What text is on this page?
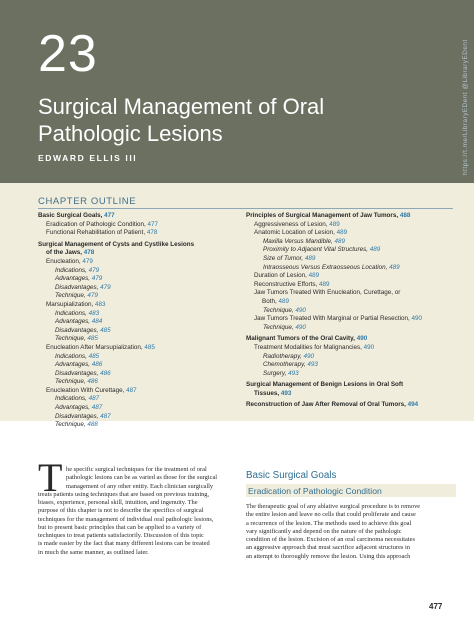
23
Surgical Management of Oral
Pathologic Lesions
EDWARD ELLIS III
CHAPTER OUTLINE
Basic Surgical Goals, 477
Eradication of Pathologic Condition, 477
Functional Rehabilitation of Patient, 478
Surgical Management of Cysts and Cystlike Lesions
of the Jaws, 478
Enucleation, 479
Indications, 479
Advantages, 479
Disadvantages, 479
Technique, 479
Marsupialization, 483
Indications, 483
Advantages, 484
Disadvantages, 485
Technique, 485
Enucleation After Marsupialization, 485
Indications, 485
Advantages, 486
Disadvantages, 486
Technique, 486
Enucleation With Curettage, 487
Indications, 487
Advantages, 487
Disadvantages, 487
Technique, 488
Principles of Surgical Management of Jaw Tumors, 488
Aggressiveness of Lesion, 489
Anatomic Location of Lesion, 489
Maxilla Versus Mandible, 489
Proximity to Adjacent Vital Structures, 489
Size of Tumor, 489
Intraosseous Versus Extraosseous Location, 489
Duration of Lesion, 489
Reconstructive Efforts, 489
Jaw Tumors Treated With Enucleation, Curettage, or
Both, 489
Technique, 490
Jaw Tumors Treated With Marginal or Partial Resection, 490
Technique, 490
Malignant Tumors of the Oral Cavity, 490
Treatment Modalities for Malignancies, 490
Radiotherapy, 490
Chemotherapy, 493
Surgery, 493
Surgical Management of Benign Lesions in Oral Soft
Tissues, 493
Reconstruction of Jaw After Removal of Oral Tumors, 494
T he specific surgical techniques for the treatment of oral
pathologic lesions can be as varied as those for the surgical
management of any other entity. Each clinician surgically
treats patients using techniques that are based on previous training,
biases, experience, personal skill, intuition, and ingenuity. The
purpose of this chapter is not to describe the specifics of surgical
techniques for the management of individual oral pathologic lesions,
but to present basic principles that can be applied to a variety of
techniques to treat patients satisfactorily. Discussion of this topic
is made easier by the fact that many different lesions can be treated
in much the same manner, as outlined later.
Basic Surgical Goals
Eradication of Pathologic Condition
The therapeutic goal of any ablative surgical procedure is to remove
the entire lesion and leave no cells that could proliferate and cause
a recurrence of the lesion. The methods used to achieve this goal
vary significantly and depend on the nature of the pathologic
condition of the lesion. Excision of an oral carcinoma necessitates
an aggressive approach that must sacrifice adjacent structures in
an attempt to thoroughly remove the lesion. Using this approach
477
https://t.me/LibraryEDent @LibraryEDent
